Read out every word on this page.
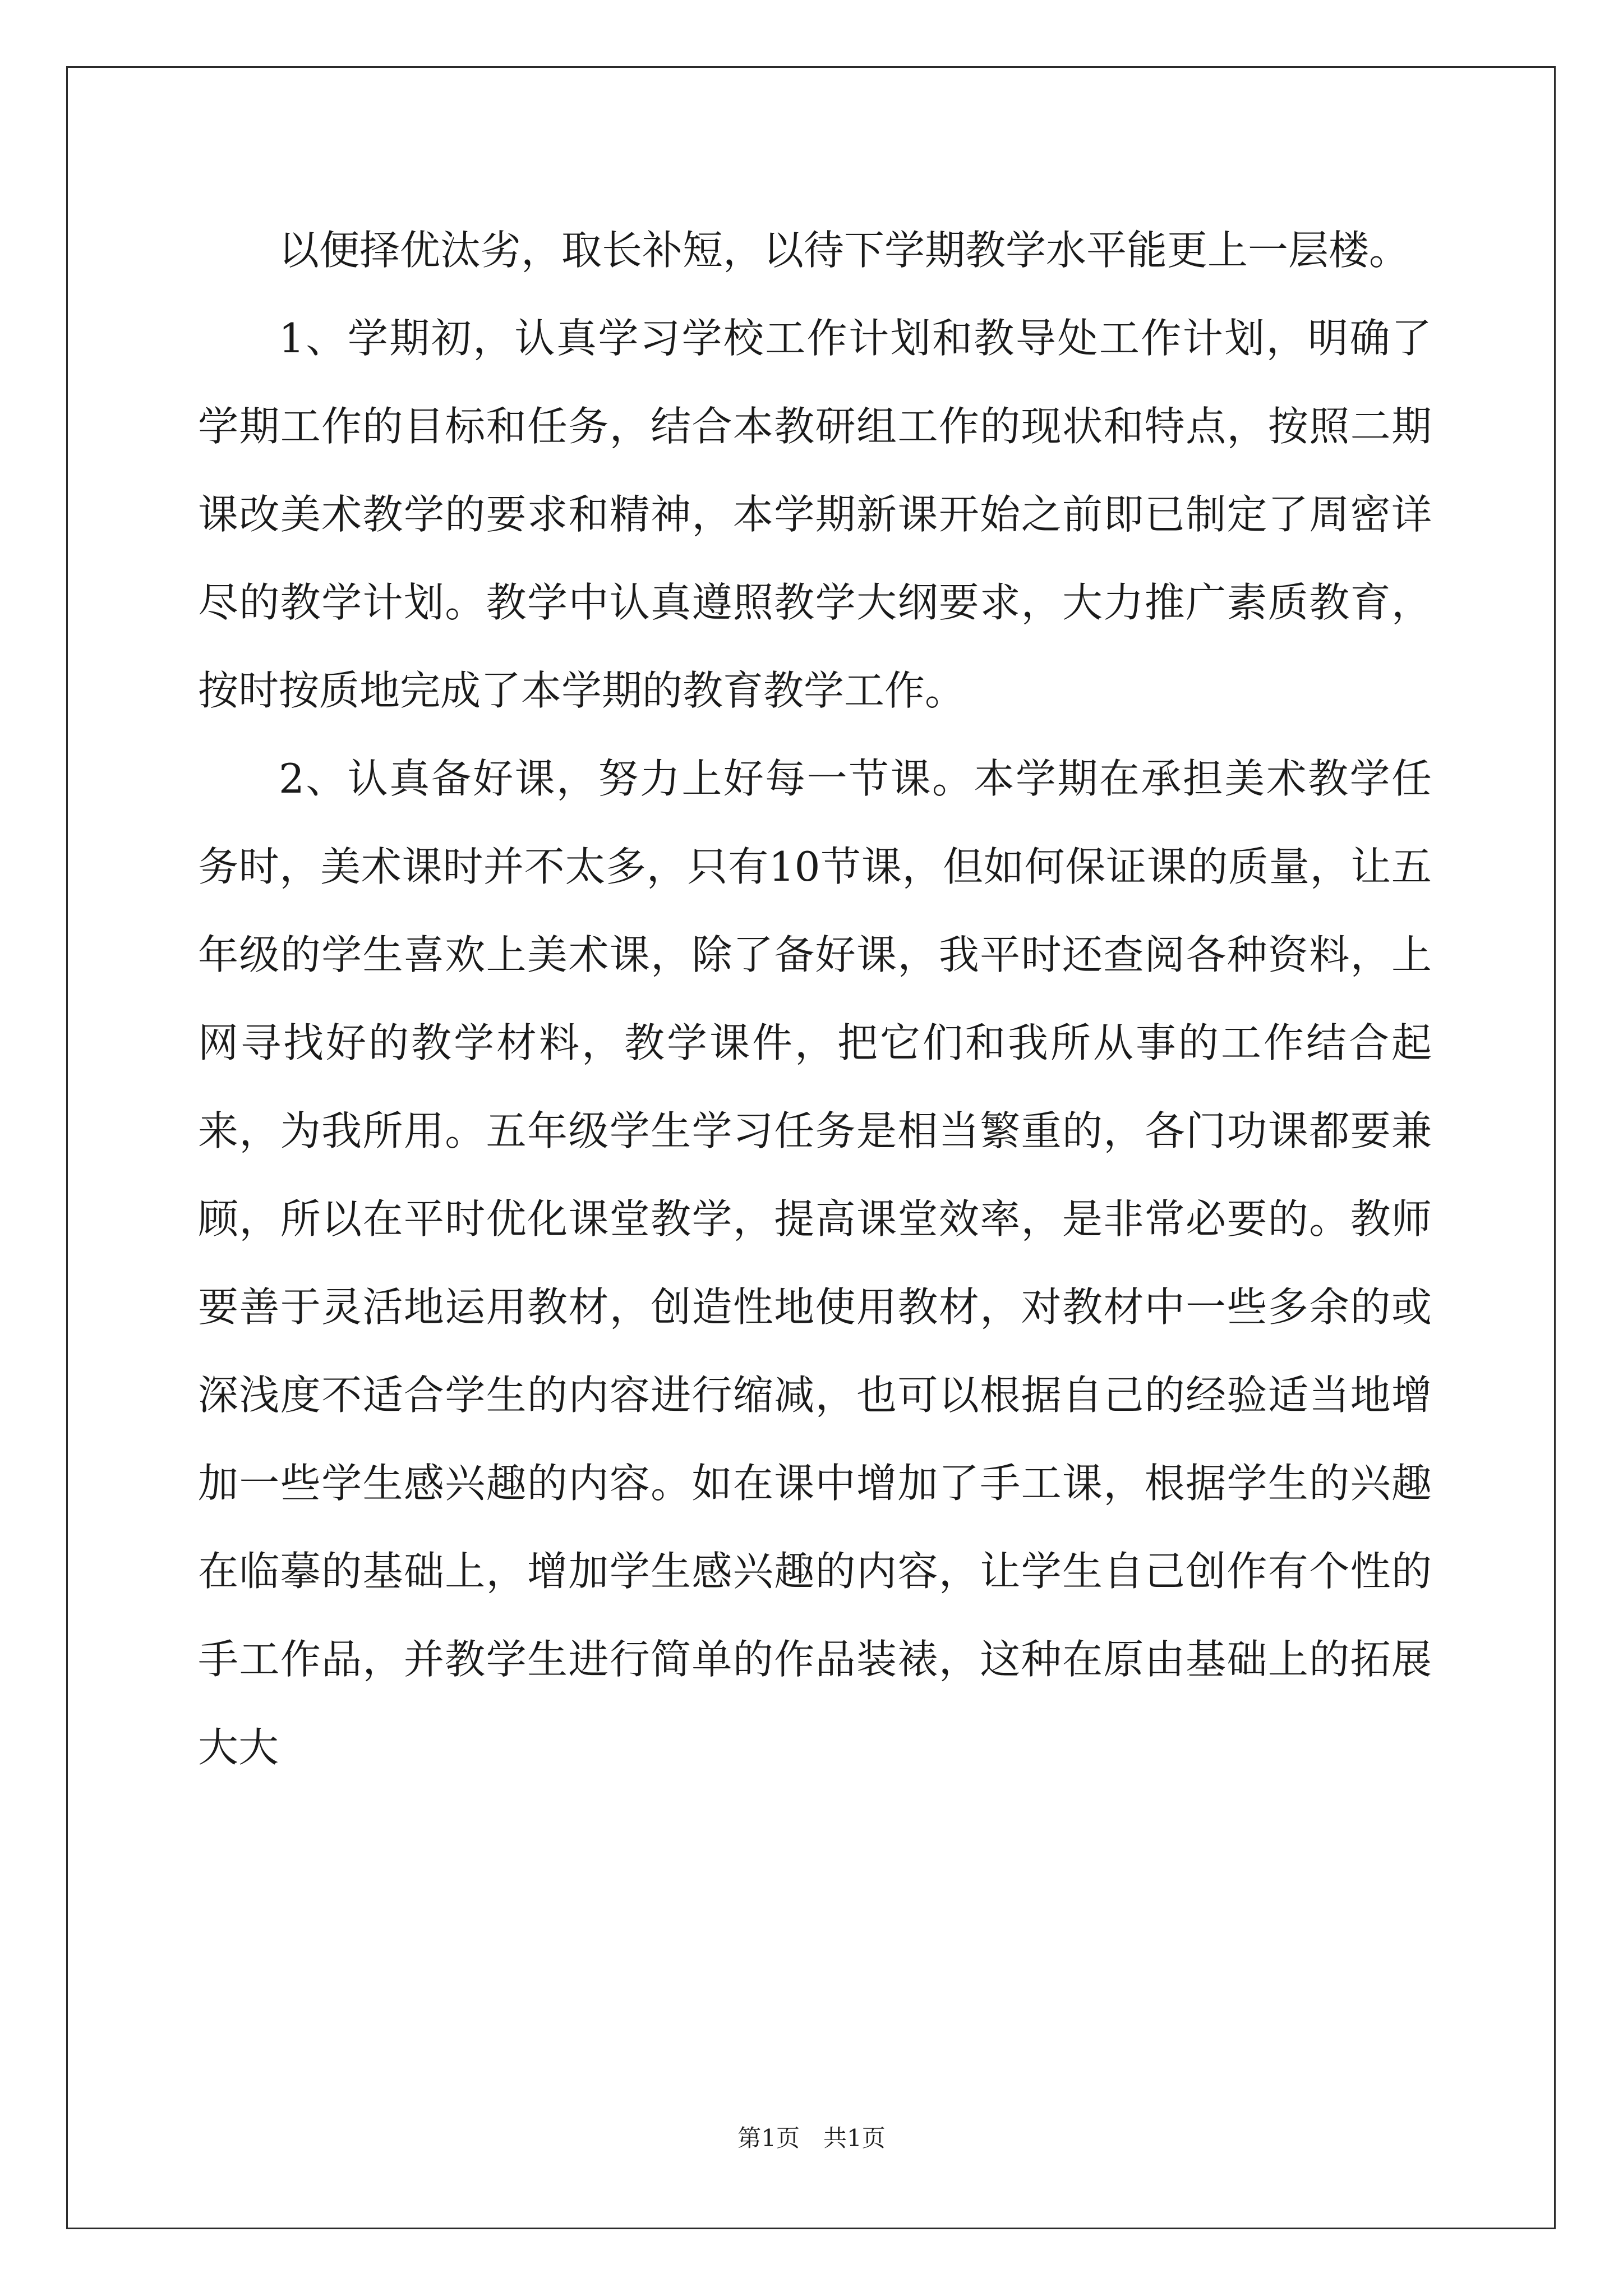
以便择优汰劣，取长补短，以待下学期教学水平能更上一层楼。

1、学期初，认真学习学校工作计划和教导处工作计划，明确了学期工作的目标和任务，结合本教研组工作的现状和特点，按照二期课改美术教学的要求和精神，本学期新课开始之前即已制定了周密详尽的教学计划。教学中认真遵照教学大纲要求，大力推广素质教育，按时按质地完成了本学期的教育教学工作。

2、认真备好课，努力上好每一节课。本学期在承担美术教学任务时，美术课时并不太多，只有10节课，但如何保证课的质量，让五年级的学生喜欢上美术课，除了备好课，我平时还查阅各种资料，上网寻找好的教学材料，教学课件，把它们和我所从事的工作结合起来，为我所用。五年级学生学习任务是相当繁重的，各门功课都要兼顾，所以在平时优化课堂教学，提高课堂效率，是非常必要的。教师要善于灵活地运用教材，创造性地使用教材，对教材中一些多余的或深浅度不适合学生的内容进行缩减，也可以根据自己的经验适当地增加一些学生感兴趣的内容。如在课中增加了手工课，根据学生的兴趣在临摹的基础上，增加学生感兴趣的内容，让学生自己创作有个性的手工作品，并教学生进行简单的作品装裱，这种在原由基础上的拓展大大

第1页　共1页
